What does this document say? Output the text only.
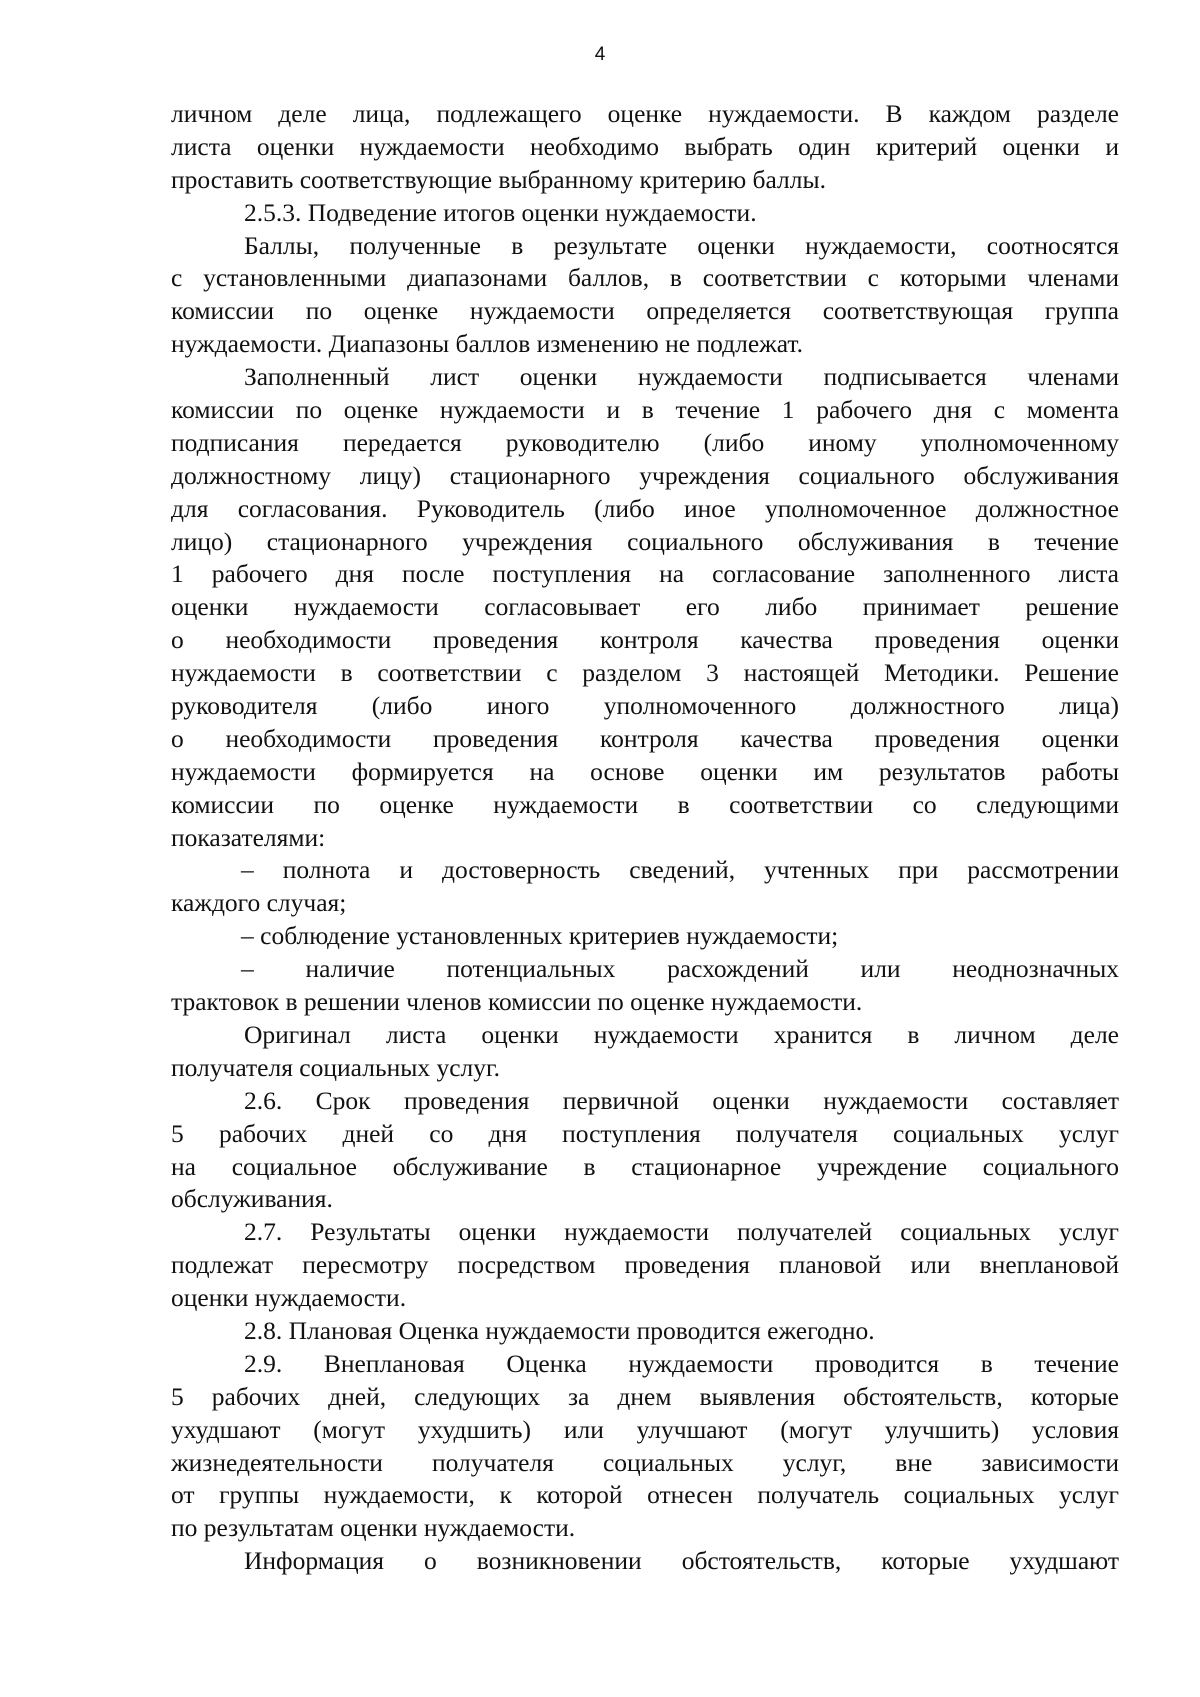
4
личном деле лица, подлежащего оценке нуждаемости. В каждом разделе
листа оценки нуждаемости необходимо выбрать один критерий оценки и
проставить соответствующие выбранному критерию баллы.
2.5.3. Подведение итогов оценки нуждаемости.
Баллы, полученные в результате оценки нуждаемости, соотносятся
с установленными диапазонами баллов, в соответствии с которыми членами
комиссии по оценке нуждаемости определяется соответствующая группа
нуждаемости. Диапазоны баллов изменению не подлежат.
Заполненный лист оценки нуждаемости подписывается членами
комиссии по оценке нуждаемости и в течение 1 рабочего дня с момента
подписания передается руководителю (либо иному уполномоченному
должностному лицу) стационарного учреждения социального обслуживания
для согласования. Руководитель (либо иное уполномоченное должностное
лицо) стационарного учреждения социального обслуживания в течение
1 рабочего дня после поступления на согласование заполненного листа
оценки нуждаемости согласовывает его либо принимает решение
о необходимости проведения контроля качества проведения оценки
нуждаемости в соответствии с разделом 3 настоящей Методики. Решение
руководителя (либо иного уполномоченного должностного лица)
о необходимости проведения контроля качества проведения оценки
нуждаемости формируется на основе оценки им результатов работы
комиссии по оценке нуждаемости в соответствии со следующими
показателями:
– полнота и достоверность сведений, учтенных при рассмотрении
каждого случая;
– соблюдение установленных критериев нуждаемости;
– наличие потенциальных расхождений или неоднозначных
трактовок в решении членов комиссии по оценке нуждаемости.
Оригинал листа оценки нуждаемости хранится в личном деле
получателя социальных услуг.
2.6. Срок проведения первичной оценки нуждаемости составляет
5 рабочих дней со дня поступления получателя социальных услуг
на социальное обслуживание в стационарное учреждение социального
обслуживания.
2.7. Результаты оценки нуждаемости получателей социальных услуг
подлежат пересмотру посредством проведения плановой или внеплановой
оценки нуждаемости.
2.8. Плановая Оценка нуждаемости проводится ежегодно.
2.9. Внеплановая Оценка нуждаемости проводится в течение
5 рабочих дней, следующих за днем выявления обстоятельств, которые
ухудшают (могут ухудшить) или улучшают (могут улучшить) условия
жизнедеятельности получателя социальных услуг, вне зависимости
от группы нуждаемости, к которой отнесен получатель социальных услуг
по результатам оценки нуждаемости.
Информация о возникновении обстоятельств, которые ухудшают
